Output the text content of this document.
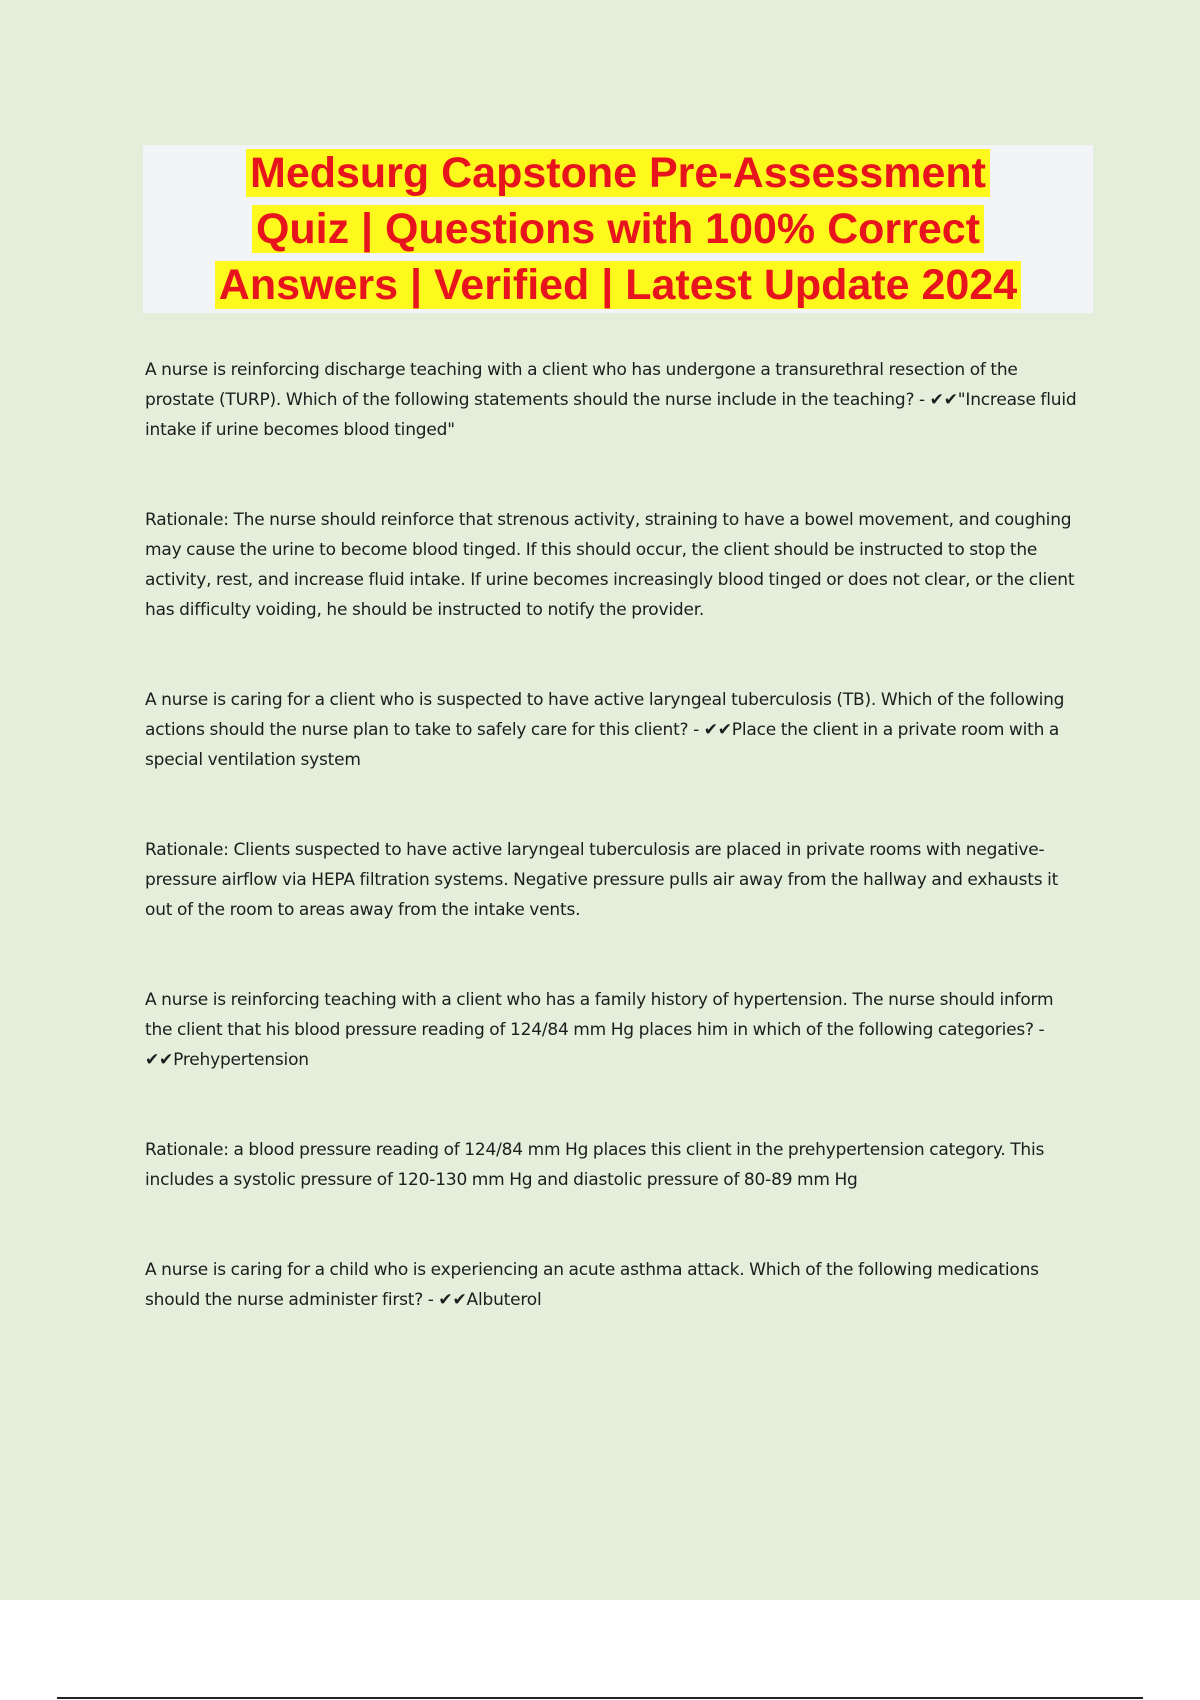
Medsurg Capstone Pre-Assessment
Quiz | Questions with 100% Correct
Answers | Verified | Latest Update 2024

A nurse is reinforcing discharge teaching with a client who has undergone a transurethral resection of the prostate (TURP). Which of the following statements should the nurse include in the teaching? - ✔✔"Increase fluid intake if urine becomes blood tinged"

Rationale: The nurse should reinforce that strenous activity, straining to have a bowel movement, and coughing may cause the urine to become blood tinged. If this should occur, the client should be instructed to stop the activity, rest, and increase fluid intake. If urine becomes increasingly blood tinged or does not clear, or the client has difficulty voiding, he should be instructed to notify the provider.

A nurse is caring for a client who is suspected to have active laryngeal tuberculosis (TB). Which of the following actions should the nurse plan to take to safely care for this client? - ✔✔Place the client in a private room with a special ventilation system

Rationale: Clients suspected to have active laryngeal tuberculosis are placed in private rooms with negative-pressure airflow via HEPA filtration systems. Negative pressure pulls air away from the hallway and exhausts it out of the room to areas away from the intake vents.

A nurse is reinforcing teaching with a client who has a family history of hypertension. The nurse should inform the client that his blood pressure reading of 124/84 mm Hg places him in which of the following categories? - ✔✔Prehypertension

Rationale: a blood pressure reading of 124/84 mm Hg places this client in the prehypertension category. This includes a systolic pressure of 120-130 mm Hg and diastolic pressure of 80-89 mm Hg

A nurse is caring for a child who is experiencing an acute asthma attack. Which of the following medications should the nurse administer first? - ✔✔Albuterol
